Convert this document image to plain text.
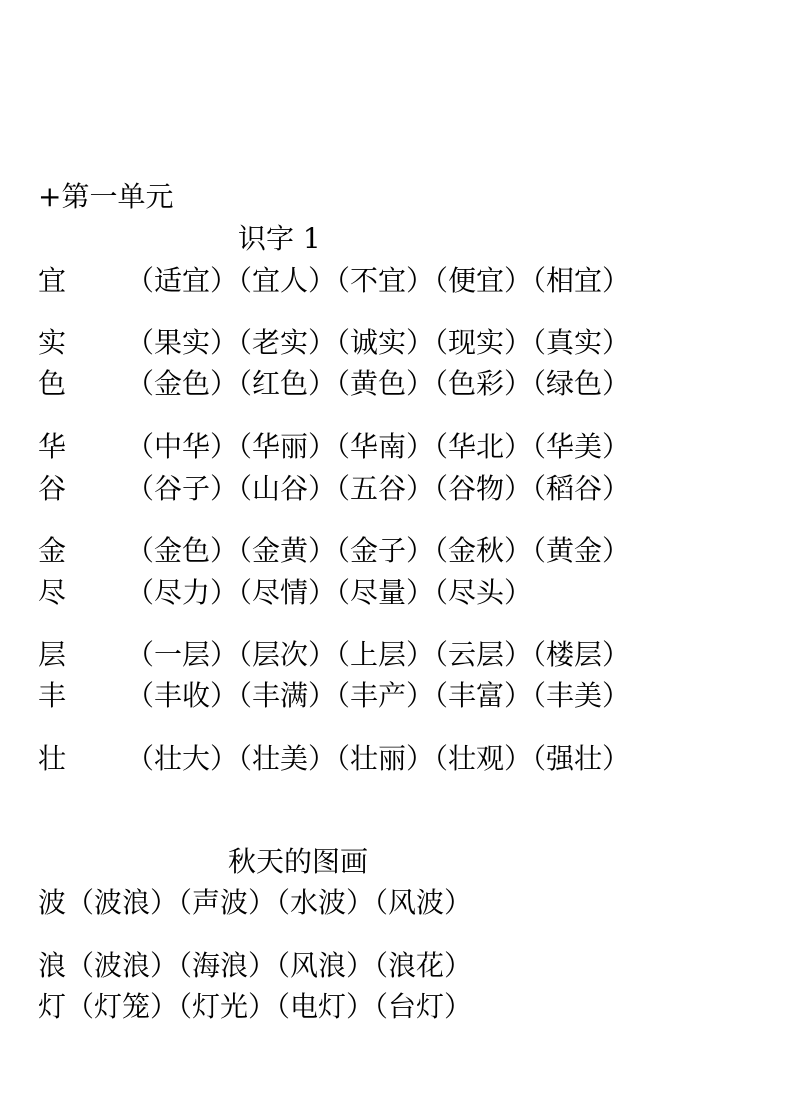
+第一单元
识字 1
宜 （适宜）（宜人）（不宜）（便宜）（相宜）
实 （果实）（老实）（诚实）（现实）（真实）
色 （金色）（红色）（黄色）（色彩）（绿色）
华 （中华）（华丽）（华南）（华北）（华美）
谷 （谷子）（山谷）（五谷）（谷物）（稻谷）
金 （金色）（金黄）（金子）（金秋）（黄金）
尽 （尽力）（尽情）（尽量）（尽头）
层 （一层）（层次）（上层）（云层）（楼层）
丰 （丰收）（丰满）（丰产）（丰富）（丰美）
壮 （壮大）（壮美）（壮丽）（壮观）（强壮）
秋天的图画
波 （波浪）（声波）（水波）（风波）
浪 （波浪）（海浪）（风浪）（浪花）
灯 （灯笼）（灯光）（电灯）（台灯）
